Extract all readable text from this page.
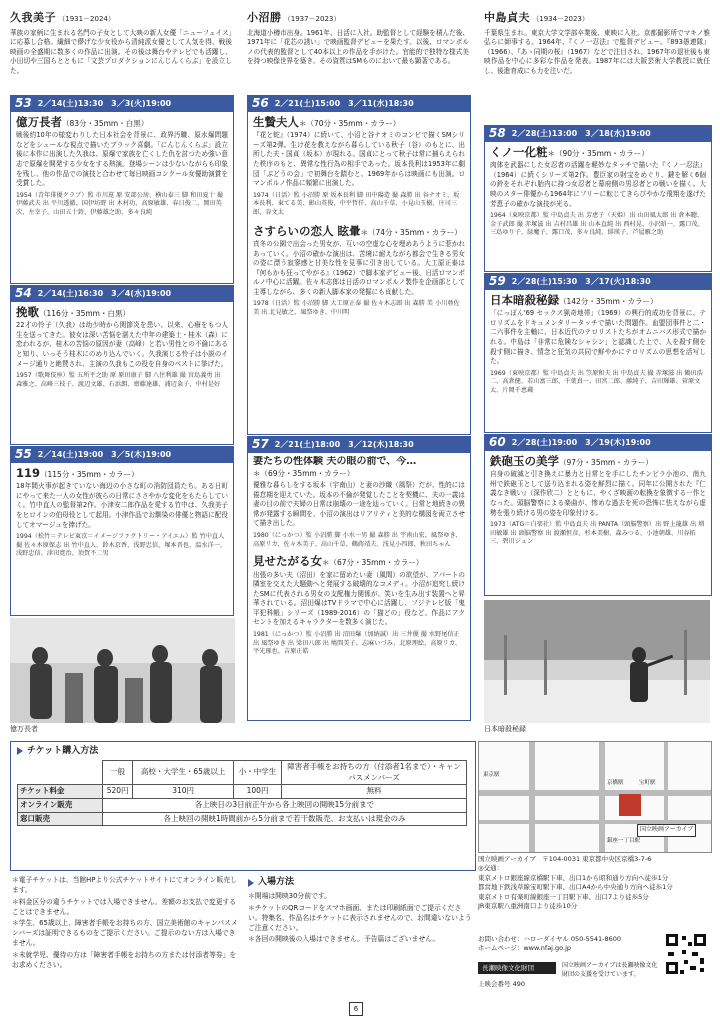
久我美子 （1931－2024）
華族の家柄に生まれる名門の子女として大映の新人女優「ニューフェイス」に応募し合格。繊細で儚げな少女役から清純派女優として人気を得、戦後映画の全盛期に数多くの作品に出演。その後は舞台やテレビでも活躍し、小田切や三国らとともに「文芸プロダクションにんじんくらぶ」を設立した。
小沼勝 （1937－2023）
北海道小樽市出身。1961年、日活に入社。助監督として経験を積んだ後、1971年に「花芯の誘い」で映画監督デビューを果たす。以後、ロマンポルノの代表的監督として40本以上の作品を手がけた。官能的で独特な様式美を持つ映像世界を築き、その資質はSMものにおいて最も顕著である。
中島貞夫 （1934－2023）
千葉県生まれ。東京大学文学部卒業後、東映に入社。京都撮影所でマキノ雅弘らに師事する。1964年、『くノ一忍法』で監督デビュー。『893愚連隊』（1966）、『あゝ同期の桜』（1967）などで注目され、1967年の退社後も東映作品を中心に多彩な作品を発表。1987年には大阪芸術大学教授に就任し、後進育成にも力を注いだ。
53 2／14(土)13:30　3／3(火)19:00
億万長者（83分・35mm・白黒）
戦後約10年の様変わりした日本社会を背景に、政界汚職、原水爆問題などをシュールな視点で描いたブラック喜劇。「にんじんくらぶ」設立後に本作に出演した久我は、原爆で家族を亡くした仇を討つため強い意志で原爆を開発する少女をする熱演。登場シーンは少ないながらも印象を残し、他の作品での演技と合わせて毎日映画コンクール女優助演賞を受賞した。
1954（青年俳優クラブ）監 市川崑 原 安部公房、横山泰三 脚 和田夏十 撮 伊藤武夫 出 平川透徹、国伊坊野 出 木村功、高原敏雄、春日俊二、岡田英次、左幸子、山田五十鈴、伊藤雄之助、多々良純
54 2／14(土)16:30　3／4(水)19:00
挽歌（116分・35mm・白黒）
22才の怜子（久我）は幼少時から関節炎を患い、以来、心療をもつ人生を送ってきた。彼女は深い苦悩を湛えた中年の建築士・桂木（森）に恋われるが、桂木の苦悩の原因が妻（高峰）と若い男性との不倫にあると知り、いっそう桂木にのめり込んでいく。久我演じる怜子は小説のイメージ通りと絶賛され、主演の久我もこの役を自身のベストに挙げた。
1957（歌舞伎座）監 五所平之助 原 原田康子 脚 八住利雄 撮 宮島義勇 出 森雅之、高峰三枝子、渡辺文雄、石浜朗、齋藤達雄、浦辺粂子、中村是好
55 2／14(土)19:00　3／5(木)19:00
119（115分・35mm・カラー）
18年間火事が起きていない海辺の小さな町の消防団員たち。ある日町にやって来た一人の女性が彼らの日常にささやかな変化をもたらしていく。竹中直人の監督第2作。小津安二郎作品を愛する竹中は、久我美子をヒロインの伯母役として起用。小津作品でお馴染の俳優と物語に配役してオマージュを捧げた。
1994（松竹＝テレビ東京＝イメージファクトリー・アイエム）監 竹中直人 撮 佐々木原保志 出 竹中直人、鈴木京香、浅野忠信、塚本晋也、温水洋一、浅野忠信、津田寛治、須賀不二男
56 2／21(土)15:00　3／11(水)18:30
生贄夫人＊（70分・35mm・カラー）
『花と蛇』（1974）に続いて、小沼と谷ナオミのコンビで描くSMシリーズ第2弾。生け花を教えながら暮らしている秋子（谷）のもとに、出所した夫・国貞（坂本）が現れる。国貞にとって秋子は常に捕らえられた秩序のもと、異常な性行為の相手であった。坂本長利は1953年に劇団「ぶどうの会」で初舞台を踏むと、1969年からは映画にも出演。ロマンポルノ作品に頻繁に出演した。
1974（日活）監 小沼勝 原 坂本長利 脚 田中陽造 撮 森勝 出 谷ナオミ、坂本長利、東てる美、影山英俊、中平哲仟、高山千草、小見山玉樹、庄司三郎、谷文太
さすらいの恋人 眩暈＊（74分・35mm・カラー）
真冬の公園で出会った男女が、互いの空虚な心を埋めあうように惹かれあっていく。小沼の確かな演出は、苦境に耐えながら都会で生きる男女の姿に漂う寂寥感と甘美な性を見事に引き出している。大工原正泰は『何もかも狂ってやがる』（1962）で脚本家デビュー後、日活ロマンポルノ中心に活躍。佐々木志郎は日活のロマンポルノ製作を企画部として主導しながら、多くの新人脚本家の発掘にも貢献した。
1978（日活）監 小沼勝 脚 大工原正泰 撮 佐々木志郎 出 森勝 美 小川亜佐美 出 北見敏之、風祭ゆき、中川明
57 2／21(土)18:00　3／12(木)18:30
妻たちの性体験 夫の眼の前で、今…
＊（69分・35mm・カラー）
優雅な暮らしをする坂本（宇南山）と妻の沙織（風祭）だが、性的には倦怠期を迎えていた。坂本の不倫が発覚したことを契機に、夫の一義は妻の目の前で夫婦の日常は崩壊の一途を辿っていく。日常と地続きの異常が発露する瞬間を、小沼の演出はリアリティと美的な構図を両立させて描き出した。
1980（にっかつ）監 小沼勝 脚 小水一男 撮 森勝 出 宇南山宏、風祭ゆき、高原リカ、佐々木美子、高山千草、鶴蒔靖夫、浅見小四郎、秋田ちゃん
見せたがる女＊（67分・35mm・カラー）
出張の多い夫（沼田）を家に留めたい妻（風間）の欲望が、アパートの隣室を交えた大騒動へと発展する破壊的なコメディ。小沼が追究し続けたSMに代表される男女の支配権力関係が、笑いを生み出す装置へと昇華されている。沼田爆はTVドラマで中心に活躍し、フジテレビ版「鬼平犯科帳」シリーズ（1989-2016）の「猫どの」役など、作品にアクセントを加えるキャラクターを数多く演じた。
1981（にっかつ）監 小沼勝 出 沼田爆（加納誠）出 三井優 撮 水野尾信正 出 風祭ゆき 出 梁田八郎 出 鳩間美子、志麻いづみ、北原理絵、高原リカ、平光琢也、吉原正皓
58 2／28(土)13:00　3／18(水)19:00
くノ一化粧＊（90分・35mm・カラー）
肉体を武器にした女忍者の活躍を軽妙なタッチで描いた『くノ一忍法』（1964）に続くシリーズ第2作。豊臣家の財宝をめぐり、鍵を解く6個の鈴をそれぞれ胎内に持つ女忍者と幕府側の男忍者との戦いを描く。大映のスター俳優から1964年にフリーに転じてきらびやかな飛翔を遂げた芳恵子の確かな演技が光る。
1964（東映京都）監 中島貞夫 出 芳恵子（天姫）出 山田風太郎 出 倉本聰、金子武郎 撮 赤塚滋 出 吉村昌雄 出 山本直純 出 西村晃、小沢昭一、露口茂、三島ゆり子、緑魔子、露口茂、多々良純、緋瑛子、芦屋雁之助
59 2／28(土)15:30　3／17(火)18:30
日本暗殺秘録（142分・35mm・カラー）
「にっぽん'69 セックス猟奇地帯」（1969）の興行的成功を背景に、テロリズムをドキュメンタリータッチで描いた問題作。血盟団事件と二・二六事件を主軸に、日本近代のテロリストたちがオムニバス形式で描かれる。中島は「非常に危険なシャシン」と認識した上で、人を殺す側を殺す側に描き、情念と狂気の共同で鮮やかにテロリズムの思想を活写した。
1969（東映京都）監 中島貞夫 出 笠原和夫 出 中島貞夫 撮 赤塚滋 出 鶴田浩二、高倉健、若山富三郎、千葉真一、田宮二郎、藤純子、吉田輝雄、菅原文太、片岡千恵蔵
60 2／28(土)19:00　3／19(木)19:00
鉄砲玉の美学（97分・35mm・カラー）
自身の破滅と引き換えに暴力と日常とを手にしたチンピラ小池の、南九州で鉄砲玉として送り込まれる姿を鮮烈に描く。同年に公開された『仁義なき戦い』（深作欣二）とともに、やくざ映画の転換を象徴する一作となった。頭脳警察による楽曲が、惨めな過去を死の恐怖に怯えながら虚勢を張り続ける男の姿を印象付ける。
1973（ATG＝白楽社）監 中島貞夫 出 PANTA（頭脳警察）出 野上龍雄 出 増田敏雄 出 頭脳警察 出 渡瀬恒彦、杉本美樹、森みつる、小池朝雄、川谷拓三、碧川ジュン
億万長者	日本暗殺秘録
チケット購入方法
	一般	高校・大学生・65歳以上	小・中学生	障害者手帳をお持ちの方（付添者1名まで）・キャンパスメンバーズ
チケット料金	520円	310円	100円	無料
オンライン販売	各上映日の3日前正午から各上映回の開映15分前まで			
窓口販売	各上映回の開映1時間前から5分前まで若干数販売、お支払いは現金のみ			

＊電子チケットは、当館HPより公式チケットサイトにてオンライン販売します。

＊料金区分の違うチケットでは入場できません。差額のお支払で変更することはできません。

＊学生、65歳以上、障害者手帳をお持ちの方、国立美術館のキャンパスメンバーズは証明できるものをご提示ください。ご提示のない方は入場できません。

＊未就学児、優待の方は「障害者手帳をお持ちの方または付添者等券」をお求めください。

入場方法

＊開場は開映30分前です。

＊チケットのQRコードをスマホ画面、または印刷紙面でご提示ください。特集名、作品名はチケットに表示されませんので、お間違いないようご注意ください。

＊各回の開映後の入場はできません。予告篇はございません。

国立映画アーカイブ
京橋駅	宝町駅
東京駅
銀座一丁目駅
国立映画アーカイブ　 〒104-0031 東京都中央区京橋3-7-6
◎交通：
東京メトロ銀座線京橋駅下車、出口1から昭和通り方向へ徒歩1分
都営地下鉄浅草線宝町駅下車、出口A4から中央通り方向へ徒歩1分
東京メトロ有楽町線銀座一丁目駅下車、出口7より徒歩5分
JR東京駅八重洲南口より徒歩10分
お問い合わせ：ハローダイヤル 050-5541-8600
ホームページ：www.nfaj.go.jp
長瀬映像文化財団	国立映画アーカイブは長瀬映像文化財団の支援を受けています。
上映会番号 490
6
